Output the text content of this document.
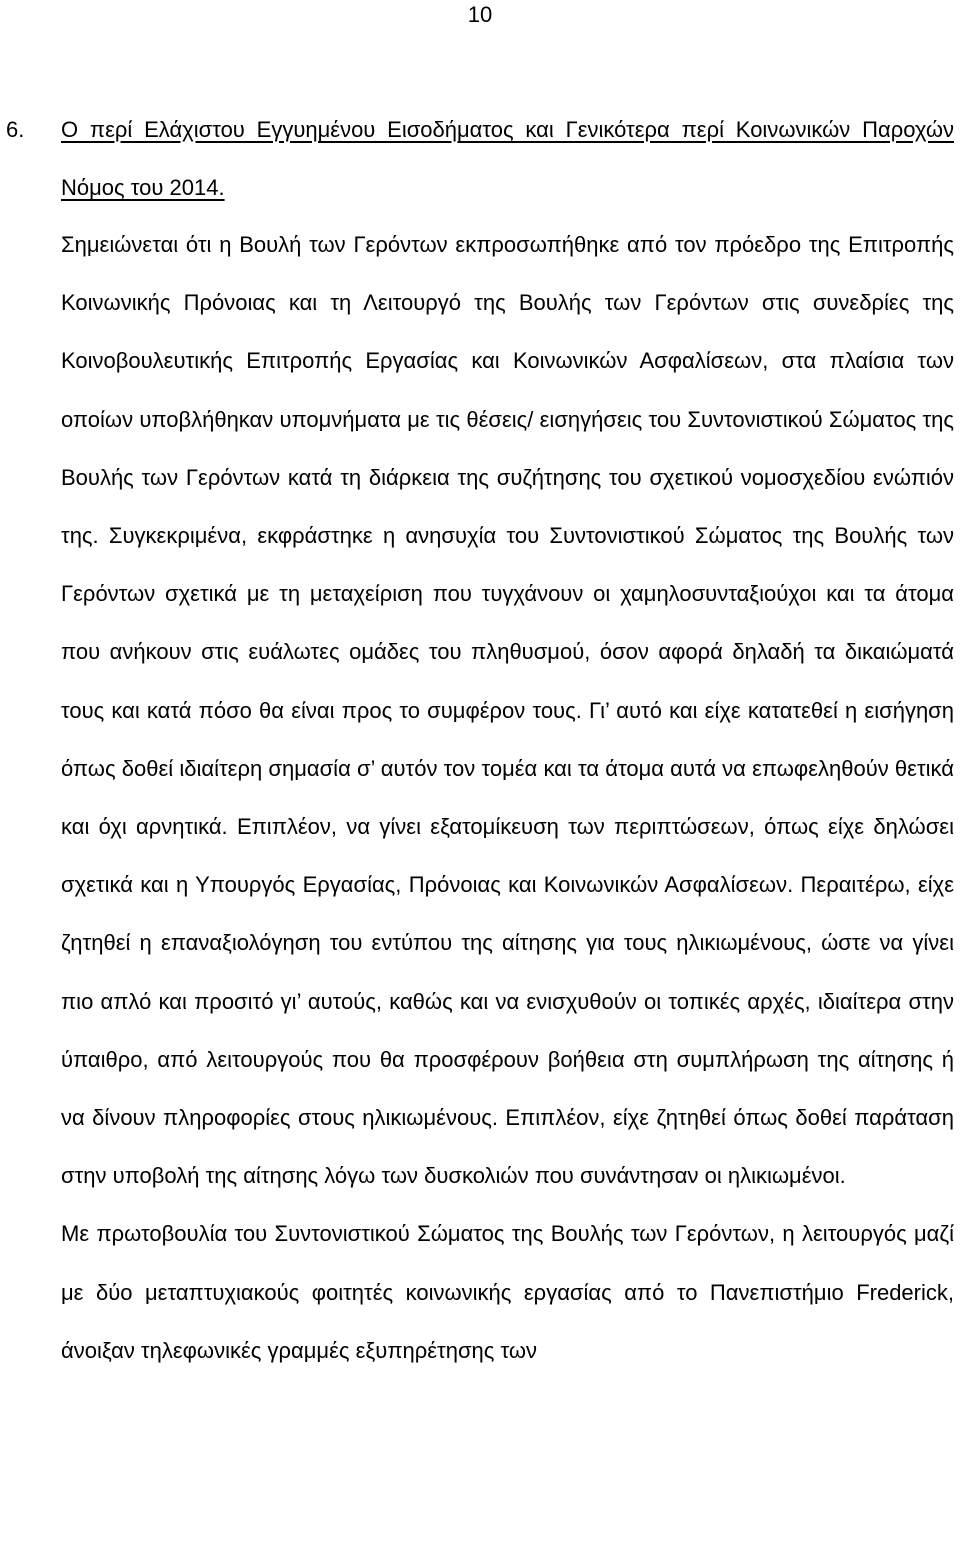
10
6. Ο περί Ελάχιστου Εγγυημένου Εισοδήματος και Γενικότερα περί Κοινωνικών Παροχών Νόμος του 2014.

Σημειώνεται ότι η Βουλή των Γερόντων εκπροσωπήθηκε από τον πρόεδρο της Επιτροπής Κοινωνικής Πρόνοιας και τη Λειτουργό της Βουλής των Γερόντων στις συνεδρίες της Κοινοβουλευτικής Επιτροπής Εργασίας και Κοινωνικών Ασφαλίσεων, στα πλαίσια των οποίων υποβλήθηκαν υπομνήματα με τις θέσεις/ εισηγήσεις του Συντονιστικού Σώματος της Βουλής των Γερόντων κατά τη διάρκεια της συζήτησης του σχετικού νομοσχεδίου ενώπιόν της. Συγκεκριμένα, εκφράστηκε η ανησυχία του Συντονιστικού Σώματος της Βουλής των Γερόντων σχετικά με τη μεταχείριση που τυγχάνουν οι χαμηλοσυνταξιούχοι και τα άτομα που ανήκουν στις ευάλωτες ομάδες του πληθυσμού, όσον αφορά δηλαδή τα δικαιώματά τους και κατά πόσο θα είναι προς το συμφέρον τους. Γι’ αυτό και είχε κατατεθεί η εισήγηση όπως δοθεί ιδιαίτερη σημασία σ’ αυτόν τον τομέα και τα άτομα αυτά να επωφεληθούν θετικά και όχι αρνητικά. Επιπλέον, να γίνει εξατομίκευση των περιπτώσεων, όπως είχε δηλώσει σχετικά και η Υπουργός Εργασίας, Πρόνοιας και Κοινωνικών Ασφαλίσεων. Περαιτέρω, είχε ζητηθεί η επαναξιολόγηση του εντύπου της αίτησης για τους ηλικιωμένους, ώστε να γίνει πιο απλό και προσιτό γι’ αυτούς, καθώς και να ενισχυθούν οι τοπικές αρχές, ιδιαίτερα στην ύπαιθρο, από λειτουργούς που θα προσφέρουν βοήθεια στη συμπλήρωση της αίτησης ή να δίνουν πληροφορίες στους ηλικιωμένους. Επιπλέον, είχε ζητηθεί όπως δοθεί παράταση στην υποβολή της αίτησης λόγω των δυσκολιών που συνάντησαν οι ηλικιωμένοι.

Με πρωτοβουλία του Συντονιστικού Σώματος της Βουλής των Γερόντων, η λειτουργός μαζί με δύο μεταπτυχιακούς φοιτητές κοινωνικής εργασίας από το Πανεπιστήμιο Frederick, άνοιξαν τηλεφωνικές γραμμές εξυπηρέτησης των
